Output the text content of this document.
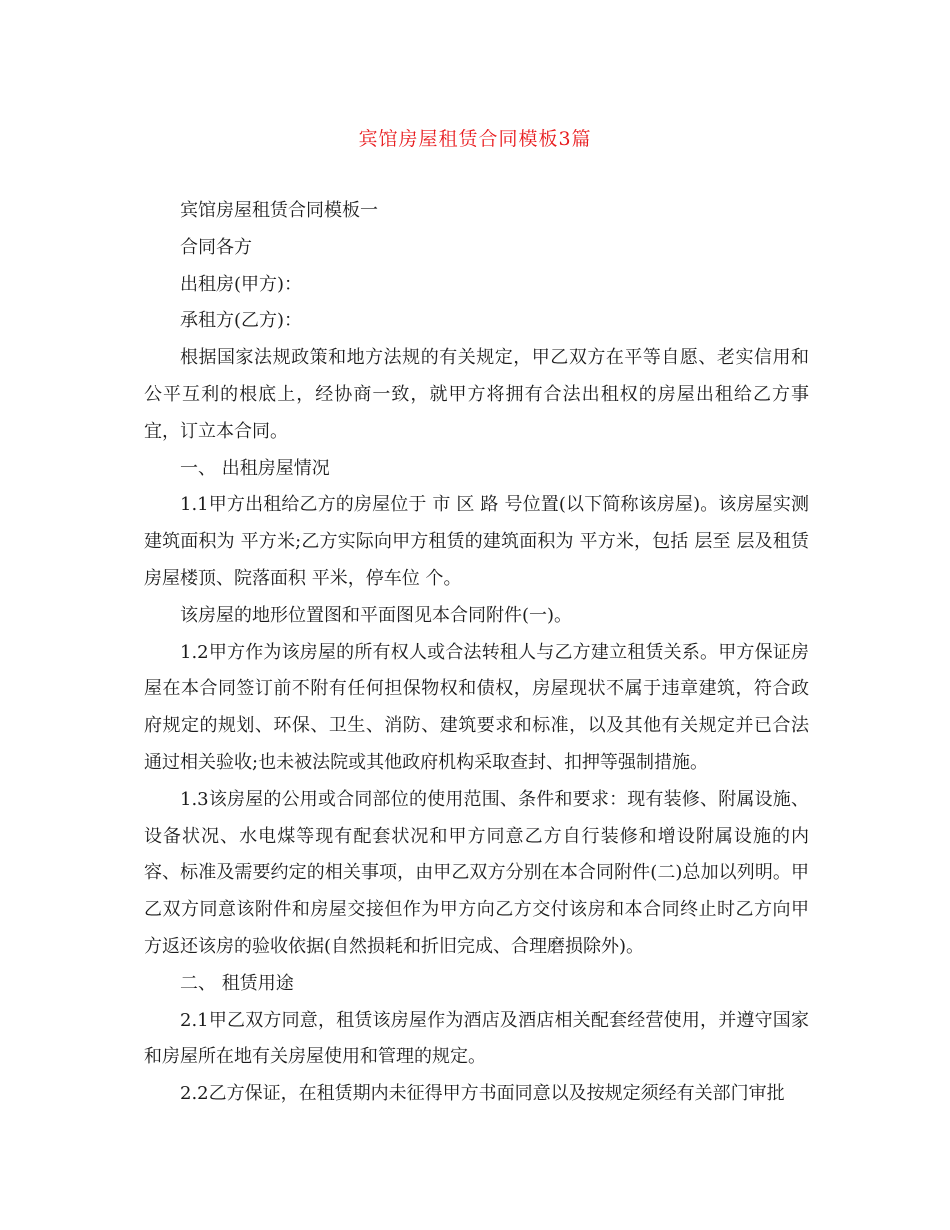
宾馆房屋租赁合同模板3篇

宾馆房屋租赁合同模板一

合同各方

出租房(甲方)：

承租方(乙方)：

根据国家法规政策和地方法规的有关规定，甲乙双方在平等自愿、老实信用和公平互利的根底上，经协商一致，就甲方将拥有合法出租权的房屋出租给乙方事宜，订立本合同。

一、 出租房屋情况

1.1甲方出租给乙方的房屋位于 市 区 路 号位置(以下简称该房屋)。该房屋实测建筑面积为 平方米;乙方实际向甲方租赁的建筑面积为 平方米，包括 层至 层及租赁房屋楼顶、院落面积 平米，停车位 个。

该房屋的地形位置图和平面图见本合同附件(一)。

1.2甲方作为该房屋的所有权人或合法转租人与乙方建立租赁关系。甲方保证房屋在本合同签订前不附有任何担保物权和债权，房屋现状不属于违章建筑，符合政府规定的规划、环保、卫生、消防、建筑要求和标准，以及其他有关规定并已合法通过相关验收;也未被法院或其他政府机构采取查封、扣押等强制措施。

1.3该房屋的公用或合同部位的使用范围、条件和要求：现有装修、附属设施、设备状况、水电煤等现有配套状况和甲方同意乙方自行装修和增设附属设施的内容、标准及需要约定的相关事项，由甲乙双方分别在本合同附件(二)总加以列明。甲乙双方同意该附件和房屋交接但作为甲方向乙方交付该房和本合同终止时乙方向甲方返还该房的验收依据(自然损耗和折旧完成、合理磨损除外)。

二、 租赁用途

2.1甲乙双方同意，租赁该房屋作为酒店及酒店相关配套经营使用，并遵守国家和房屋所在地有关房屋使用和管理的规定。

2.2乙方保证，在租赁期内未征得甲方书面同意以及按规定须经有关部门审批
